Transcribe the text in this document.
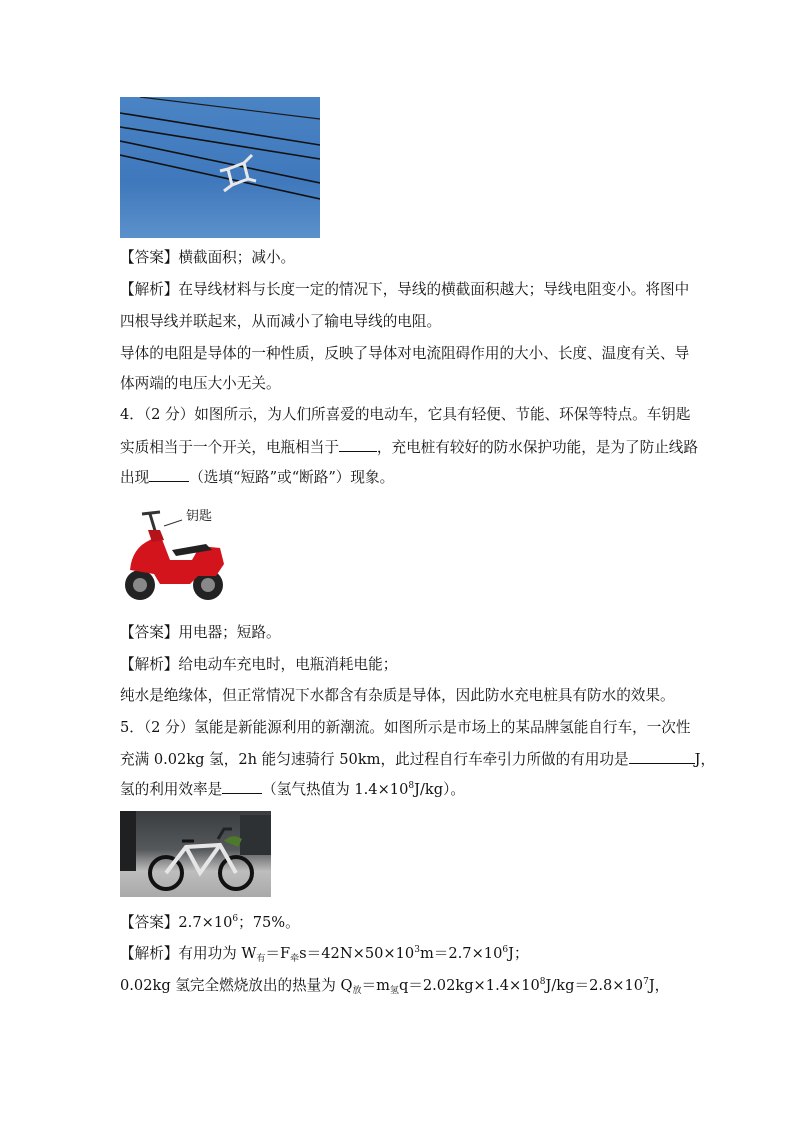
【答案】横截面积；减小。
【解析】在导线材料与长度一定的情况下，导线的横截面积越大；导线电阻变小。将图中
四根导线并联起来，从而减小了输电导线的电阻。
导体的电阻是导体的一种性质，反映了导体对电流阻碍作用的大小、长度、温度有关、导
体两端的电压大小无关。
4．（2 分）如图所示，为人们所喜爱的电动车，它具有轻便、节能、环保等特点。车钥匙
实质相当于一个开关，电瓶相当于	，充电桩有较好的防水保护功能，是为了防止线路
出现	（选填“短路”或“断路”）现象。
钥匙
【答案】用电器；短路。
【解析】给电动车充电时，电瓶消耗电能；
纯水是绝缘体，但正常情况下水都含有杂质是导体，因此防水充电桩具有防水的效果。
5．（2 分）氢能是新能源利用的新潮流。如图所示是市场上的某品牌氢能自行车，一次性
充满 0.02kg 氢，2h 能匀速骑行 50km，此过程自行车牵引力所做的有用功是	J，
氢的利用效率是	（氢气热值为 $1.4\times 10^8J/kg$）。
【答案】$2.7\times 10^6$；75%。
【解析】有用功为 $W_有=F_牵s=42N\times 50\times 10^3m=2.7\times 10^6J$；
0.02kg 氢完全燃烧放出的热量为 $Q_放=m_氢q=2.02kg\times 1.4\times 10^8J/kg=2.8\times 10^7J$，
